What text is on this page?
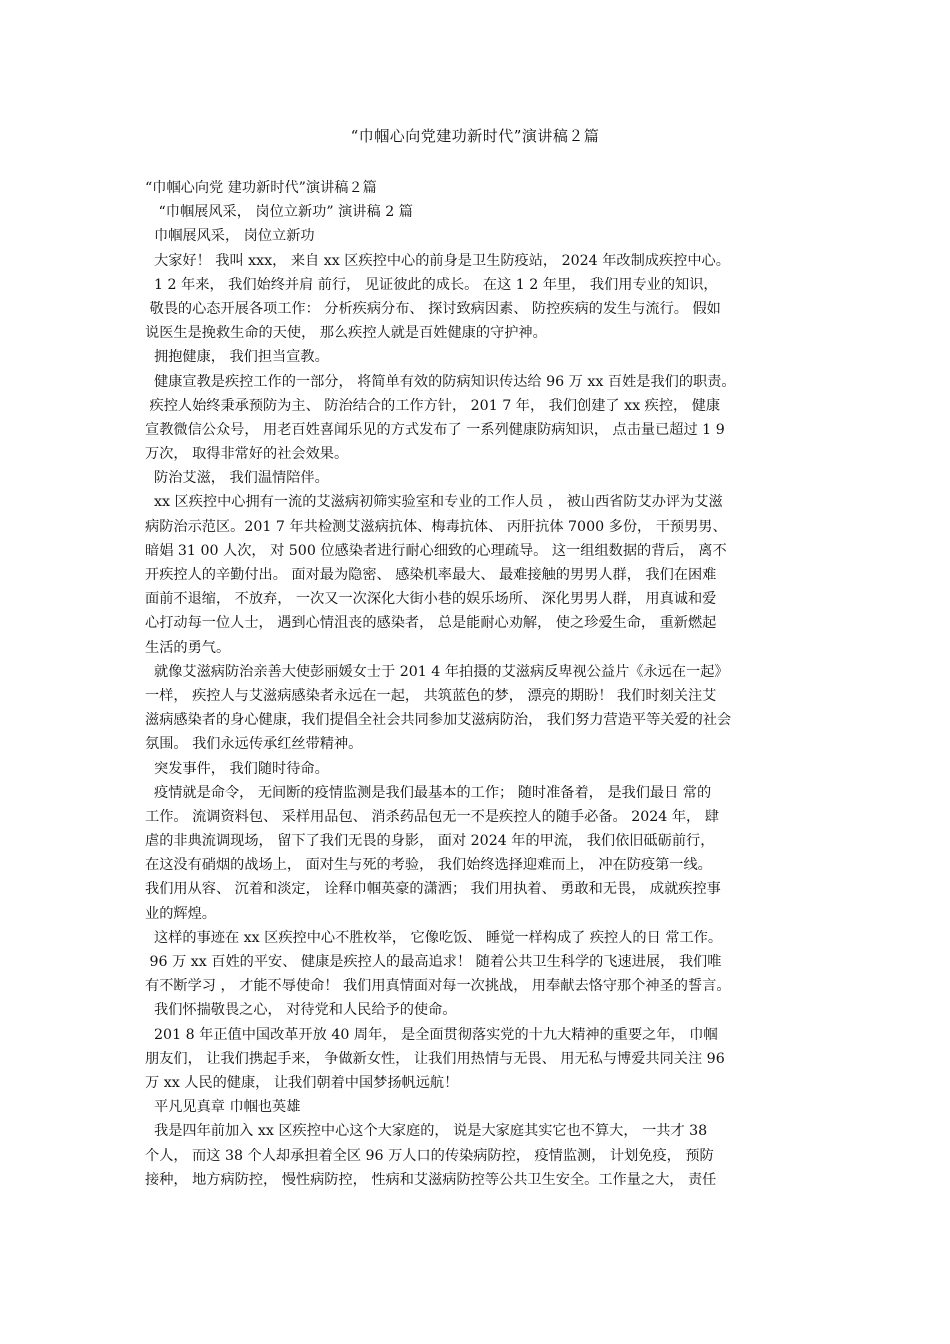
“巾帼心向党建功新时代”演讲稿２篇

“巾帼心向党 建功新时代”演讲稿２篇

“巾帼展风采， 岗位立新功” 演讲稿 2 篇

巾帼展风采， 岗位立新功

大家好！ 我叫 xxx， 来自 xx 区疾控中心的前身是卫生防疫站， 2024 年改制成疾控中心。

1 2 年来， 我们始终并肩 前行， 见证彼此的成长。 在这 1 2 年里， 我们用专业的知识，

敬畏的心态开展各项工作： 分析疾病分布、 探讨致病因素、 防控疾病的发生与流行。 假如

说医生是挽救生命的天使， 那么疾控人就是百姓健康的守护神。

拥抱健康， 我们担当宣教。

健康宣教是疾控工作的一部分， 将简单有效的防病知识传达给 96 万 xx 百姓是我们的职责。

疾控人始终秉承预防为主、 防治结合的工作方针， 201 7 年， 我们创建了 xx 疾控， 健康

宣教微信公众号， 用老百姓喜闻乐见的方式发布了 一系列健康防病知识， 点击量已超过 1 9

万次， 取得非常好的社会效果。

防治艾滋， 我们温情陪伴。

xx 区疾控中心拥有一流的艾滋病初筛实验室和专业的工作人员 ， 被山西省防艾办评为艾滋

病防治示范区。201 7 年共检测艾滋病抗体、梅毒抗体、 丙肝抗体 7000 多份， 干预男男、

暗娼 31 00 人次， 对 500 位感染者进行耐心细致的心理疏导。 这一组组数据的背后， 离不

开疾控人的辛勤付出。 面对最为隐密、 感染机率最大、 最难接触的男男人群， 我们在困难

面前不退缩， 不放弃， 一次又一次深化大街小巷的娱乐场所、 深化男男人群， 用真诚和爱

心打动每一位人士， 遇到心情沮丧的感染者， 总是能耐心劝解， 使之珍爱生命， 重新燃起

生活的勇气。

就像艾滋病防治亲善大使彭丽媛女士于 201 4 年拍摄的艾滋病反卑视公益片《永远在一起》

一样， 疾控人与艾滋病感染者永远在一起， 共筑蓝色的梦， 漂亮的期盼！ 我们时刻关注艾

滋病感染者的身心健康，我们提倡全社会共同参加艾滋病防治， 我们努力营造平等关爱的社会

氛围。 我们永远传承红丝带精神。

突发事件， 我们随时待命。

疫情就是命令， 无间断的疫情监测是我们最基本的工作； 随时准备着， 是我们最日 常的

工作。 流调资料包、 采样用品包、 消杀药品包无一不是疾控人的随手必备。 2024 年， 肆

虐的非典流调现场， 留下了我们无畏的身影， 面对 2024 年的甲流， 我们依旧砥砺前行，

在这没有硝烟的战场上， 面对生与死的考验， 我们始终选择迎难而上， 冲在防疫第一线。

我们用从容、 沉着和淡定， 诠释巾帼英豪的潇洒； 我们用执着、 勇敢和无畏， 成就疾控事

业的辉煌。

这样的事迹在 xx 区疾控中心不胜枚举， 它像吃饭、 睡觉一样构成了 疾控人的日 常工作。

96 万 xx 百姓的平安、 健康是疾控人的最高追求！ 随着公共卫生科学的飞速进展， 我们唯

有不断学习 ， 才能不辱使命！ 我们用真情面对每一次挑战， 用奉献去恪守那个神圣的誓言。

我们怀揣敬畏之心， 对待党和人民给予的使命。

201 8 年正值中国改革开放 40 周年， 是全面贯彻落实党的十九大精神的重要之年， 巾帼

朋友们， 让我们携起手来， 争做新女性， 让我们用热情与无畏、 用无私与博爱共同关注 96

万 xx 人民的健康， 让我们朝着中国梦扬帆远航！

平凡见真章 巾帼也英雄

我是四年前加入 xx 区疾控中心这个大家庭的， 说是大家庭其实它也不算大， 一共才 38

个人， 而这 38 个人却承担着全区 96 万人口的传染病防控， 疫情监测， 计划免疫， 预防

接种， 地方病防控， 慢性病防控， 性病和艾滋病防控等公共卫生安全。工作量之大， 责任
